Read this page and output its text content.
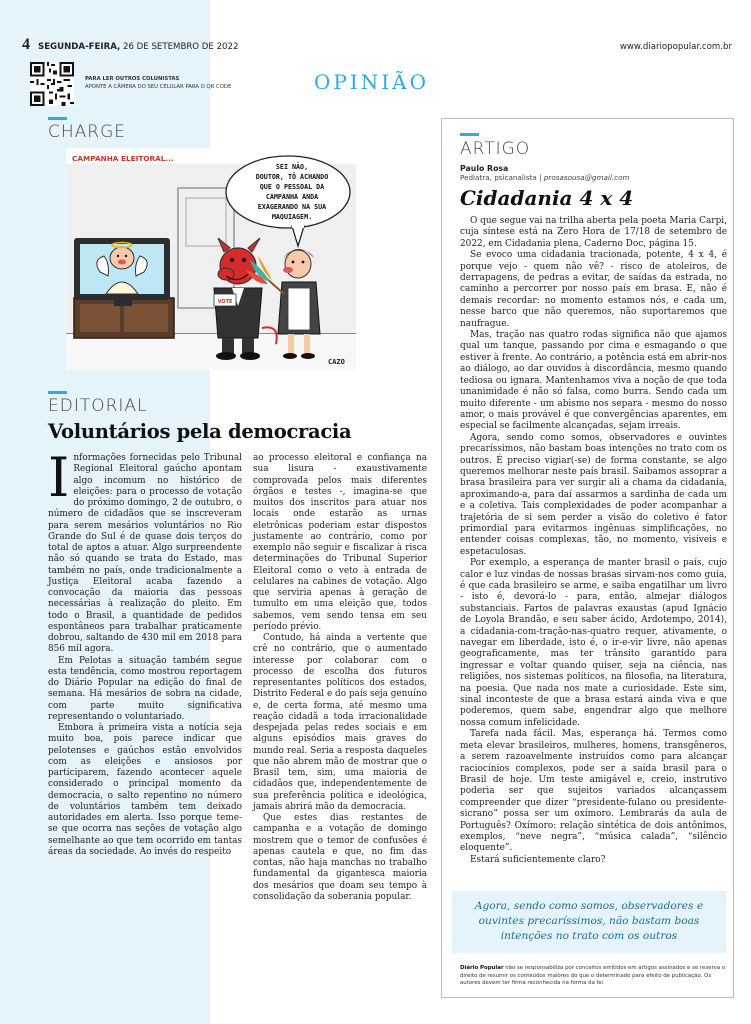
4 SEGUNDA-FEIRA, 26 DE SETEMBRO DE 2022	www.diariopopular.com.br
PARA LER OUTROS COLUNISTAS
APONTE A CÂMERA DO SEU CELULAR PARA O QR CODE	OPINIÃO
CHARGE
VOTE
CAZO
CAMPANHA ELEITORAL...
SEI NÃO,
DOUTOR, TÔ ACHANDO
QUE O PESSOAL DA
CAMPANHA ANDA
EXAGERANDO NA SUA
MAQUIAGEM.
EDITORIAL
Voluntários pela democracia

Informações fornecidas pelo Tribunal Regional Eleitoral gaúcho apontam algo incomum no histórico de eleições: para o processo de votação do próximo domingo, 2 de outubro, o número de cidadãos que se inscreveram para serem mesários voluntários no Rio Grande do Sul é de quase dois terços do total de aptos a atuar. Algo surpreendente não só quando se trata do Estado, mas também no país, onde tradicionalmente a Justiça Eleitoral acaba fazendo a convocação da maioria das pessoas necessárias à realização do pleito. Em todo o Brasil, a quantidade de pedidos espontâneos para trabalhar praticamente dobrou, saltando de 430 mil em 2018 para 856 mil agora.

Em Pelotas a situação também segue esta tendência, como mostrou reportagem do Diário Popular na edição do final de semana. Há mesários de sobra na cidade, com parte muito significativa representando o voluntariado.

Embora à primeira vista a notícia seja muito boa, pois parece indicar que pelotenses e gaúchos estão envolvidos com as eleições e ansiosos por participarem, fazendo acontecer aquele considerado o principal momento da democracia, o salto repentino no número de voluntários também tem deixado autoridades em alerta. Isso porque teme-se que ocorra nas seções de votação algo semelhante ao que tem ocorrido em tantas áreas da sociedade. Ao invés do respeito

ao processo eleitoral e confiança na sua lisura - exaustivamente comprovada pelos mais diferentes órgãos e testes -, imagina-se que muitos dos inscritos para atuar nos locais onde estarão as urnas eletrônicas poderiam estar dispostos justamente ao contrário, como por exemplo não seguir e fiscalizar à risca determinações do Tribunal Superior Eleitoral como o veto à entrada de celulares na cabines de votação. Algo que serviria apenas à geração de tumulto em uma eleição que, todos sabemos, vem sendo tensa em seu período prévio.

Contudo, há ainda a vertente que crê no contrário, que o aumentado interesse por colaborar com o processo de escolha dos futuros representantes políticos dos estados, Distrito Federal e do país seja genuíno e, de certa forma, até mesmo uma reação cidadã a toda irracionalidade despejada pelas redes sociais e em alguns episódios mais graves do mundo real. Seria a resposta daqueles que não abrem mão de mostrar que o Brasil tem, sim, uma maioria de cidadãos que, independentemente de sua preferência política e ideológica, jamais abrirá mão da democracia.

Que estes dias restantes de campanha e a votação de domingo mostrem que o temor de confusões é apenas cautela e que, no fim das contas, não haja manchas no trabalho fundamental da gigantesca maioria dos mesários que doam seu tempo à consolidação da soberania popular.

ARTIGO
Paulo Rosa
Pediatra, psicanalista | prosasousa@gmail.com
Cidadania 4 x 4

O que segue vai na trilha aberta pela poeta Maria Carpi, cuja síntese está na Zero Hora de 17/18 de setembro de 2022, em Cidadania plena, Caderno Doc, página 15.

Se evoco uma cidadania tracionada, potente, 4 x 4, é porque vejo - quem não vê? - risco de atoleiros, de derrapagens, de pedras a evitar, de saídas da estrada, no caminho a percorrer por nosso país em brasa. E, não é demais recordar: no momento estamos nós, e cada um, nesse barco que não queremos, não suportaremos que naufrague.

Mas, tração nas quatro rodas significa não que ajamos qual um tanque, passando por cima e esmagando o que estiver à frente. Ao contrário, a potência está em abrir-nos ao diálogo, ao dar ouvidos à discordância, mesmo quando tediosa ou ignara. Mantenhamos viva a noção de que toda unanimidade é não só falsa, como burra. Sendo cada um muito diferente - um abismo nos separa - mesmo do nosso amor, o mais provável é que convergências aparentes, em especial se facilmente alcançadas, sejam irreais.

Agora, sendo como somos, observadores e ouvintes precaríssimos, não bastam boas intenções no trato com os outros. É preciso vigiar(-se) de forma constante, se algo queremos melhorar neste país brasil. Saibamos assoprar a brasa brasileira para ver surgir ali a chama da cidadania, aproximando-a, para daí assarmos a sardinha de cada um e a coletiva. Tais complexidades de poder acompanhar a trajetória de si sem perder a visão do coletivo é fator primordial para evitarmos ingênuas simplificações, no entender coisas complexas, tão, no momento, visíveis e espetaculosas.

Por exemplo, a esperança de manter brasil o país, cujo calor e luz vindas de nossas brasas sirvam-nos como guia, é que cada brasileiro se arme, e saiba engatilhar um livro - isto é, devorá-lo - para, então, almejar diálogos substanciais. Fartos de palavras exaustas (apud Ignácio de Loyola Brandão, e seu saber ácido, Ardotempo, 2014), a cidadania-com-tração-nas-quatro requer, ativamente, o navegar em liberdade, isto é, o ir-e-vir livre, não apenas geograficamente, mas ter trânsito garantido para ingressar e voltar quando quiser, seja na ciência, nas religiões, nos sistemas políticos, na filosofia, na literatura, na poesia. Que nada nos mate a curiosidade. Este sim, sinal inconteste de que a brasa estará ainda viva e que poderemos, quem sabe, engendrar algo que melhore nossa comum infelicidade.

Tarefa nada fácil. Mas, esperança há. Termos como meta elevar brasileiros, mulheres, homens, transgêneros, a serem razoavelmente instruídos como para alcançar raciocínios complexos, pode ser a saída brasil para o Brasil de hoje. Um teste amigável e, creio, instrutivo poderia ser que sujeitos variados alcançassem compreender que dizer “presidente-fulano ou presidente-sicrano” possa ser um oxímoro. Lembrarás da aula de Português? Oxímoro: relação sintética de dois antônimos, exemplos, “neve negra”, “música calada”, “silêncio eloquente”.

Estará suficientemente claro?

Agora, sendo como somos, observadores e ouvintes precaríssimos, não bastam boas intenções no trato com os outros
Diário Popular não se responsabiliza por conceitos emitidos em artigos assinados e se reserva o direito de resumir os conteúdos maiores do que o determinado para efeito de publicação. Os autores devem ter firma reconhecida na forma da lei.
